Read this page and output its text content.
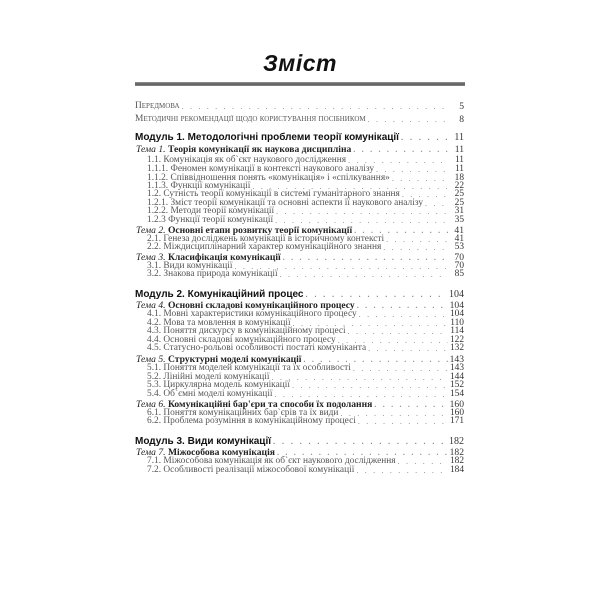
Зміст
Передмова . . .	5
Методичні рекомендації щодо користування посібником . . .	8
Модуль 1. Методологічні проблеми теорії комунікації . . .	11
Тема 1. Теорія комунікації як наукова дисципліна . . .	11
1.1. Комунікація як об`єкт наукового дослідження . . .	11
1.1.1. Феномен комунікації в контексті наукового аналізу . . .	11
1.1.2. Співвідношення понять «комунікація» і «спілкування» . . .	18
1.1.3. Функції комунікації . . .	22
1.2. Сутність теорії комунікації в системі гуманітарного знання . . .	25
1.2.1. Зміст теорії комунікації та основні аспекти її наукового аналізу . . .	25
1.2.2. Методи теорії комунікації . . .	31
1.2.3 Функції теорії комунікації . . .	35
Тема 2. Основні етапи розвитку теорії комунікації . . .	41
2.1. Генеза досліджень комунікації в історичному контексті . . .	41
2.2. Міждисциплінарний характер комунікаційного знання . . .	53
Тема 3. Класифікація комунікації . . .	70
3.1. Види комунікації . . .	70
3.2. Знакова природа комунікації . . .	85
Модуль 2. Комунікаційний процес . . .	104
Тема 4. Основні складові комунікаційного процесу . . .	104
4.1. Мовні характеристики комунікаційного процесу . . .	104
4.2. Мова та мовлення в комунікації . . .	110
4.3. Поняття дискурсу в комунікаційному процесі . . .	114
4.4. Основні складові комунікаційного процесу . . .	122
4.5. Статусно-рольові особливості постаті комуніканта . . .	132
Тема 5. Структурні моделі комунікації . . .	143
5.1. Поняття моделей комунікації та їх особливості . . .	143
5.2. Лінійні моделі комунікації . . .	144
5.3. Циркулярна модель комунікації . . .	152
5.4. Об`ємні моделі комунікації . . .	154
Тема 6. Комунікаційні бар'єри та способи їх подолання . . .	160
6.1. Поняття комунікаційних бар`єрів та їх види . . .	160
6.2. Проблема розуміння в комунікаційному процесі . . .	171
Модуль 3. Види комунікації . . .	182
Тема 7. Міжособова комунікація . . .	182
7.1. Міжособова комунікація як об`єкт наукового дослідження . . .	182
7.2. Особливості реалізації міжособової комунікації . . .	184
